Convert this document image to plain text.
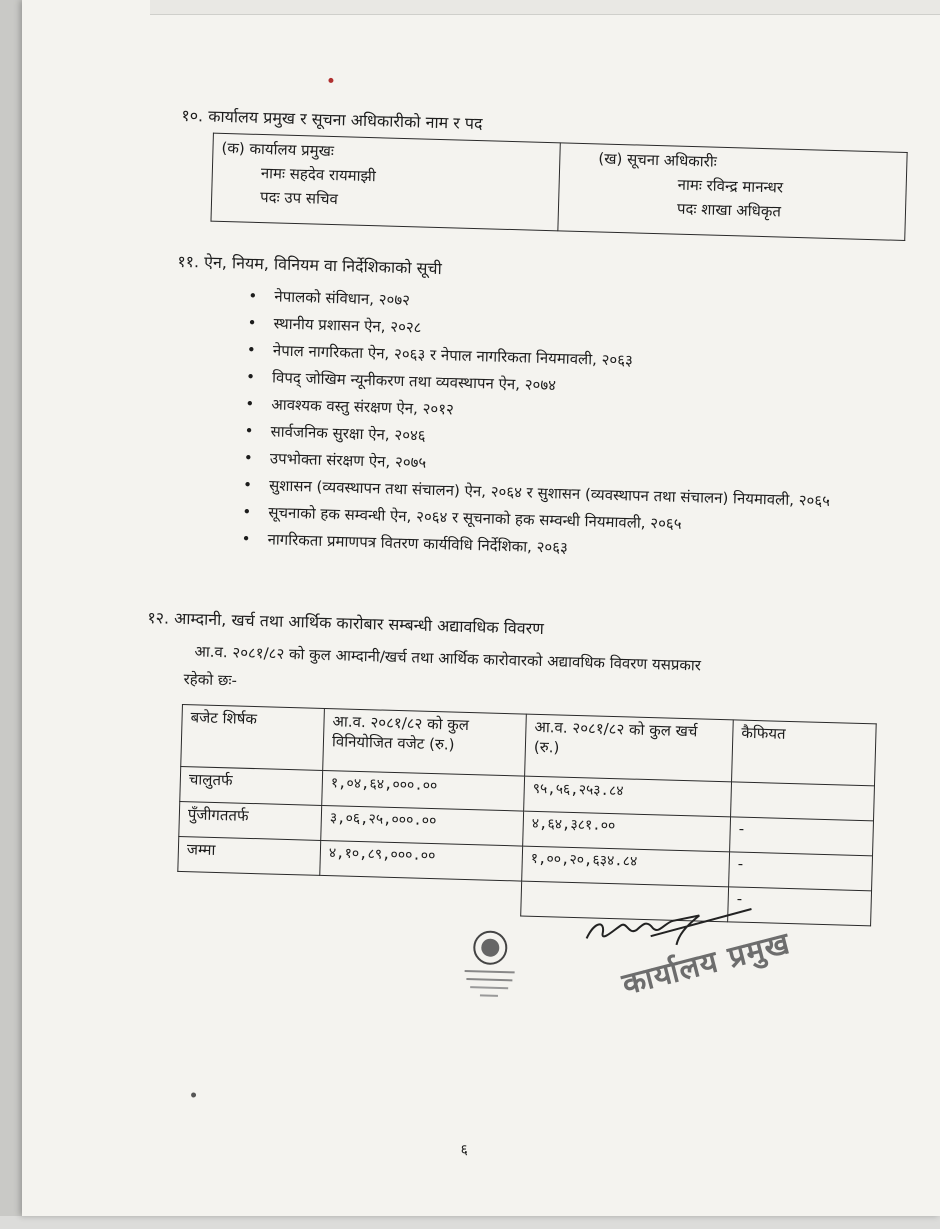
१०. कार्यालय प्रमुख र सूचना अधिकारीको नाम र पद
(क) कार्यालय प्रमुखः
नामः सहदेव रायमाझी
पदः उप सचिव

(ख) सूचना अधिकारीः
नामः रविन्द्र मानन्धर
पदः शाखा अधिकृत
११. ऐन, नियम, विनियम वा निर्देशिकाको सूची
• नेपालको संविधान, २०७२
• स्थानीय प्रशासन ऐन, २०२८
• नेपाल नागरिकता ऐन, २०६३ र नेपाल नागरिकता नियमावली, २०६३
• विपद् जोखिम न्यूनीकरण तथा व्यवस्थापन ऐन, २०७४
• आवश्यक वस्तु संरक्षण ऐन, २०१२
• सार्वजनिक सुरक्षा ऐन, २०४६
• उपभोक्ता संरक्षण ऐन, २०७५
• सुशासन (व्यवस्थापन तथा संचालन) ऐन, २०६४ र सुशासन (व्यवस्थापन तथा संचालन) नियमावली, २०६५
• सूचनाको हक सम्वन्धी ऐन, २०६४ र सूचनाको हक सम्वन्धी नियमावली, २०६५
• नागरिकता प्रमाणपत्र वितरण कार्यविधि निर्देशिका, २०६३
१२. आम्दानी, खर्च तथा आर्थिक कारोबार सम्बन्धी अद्यावधिक विवरण
आ.व. २०८१/८२ को कुल आम्दानी/खर्च तथा आर्थिक कारोवारको अद्यावधिक विवरण यसप्रकार
रहेको छः-
बजेट शिर्षक	आ.व. २०८१/८२ को कुल विनियोजित वजेट (रु.)	आ.व. २०८१/८२ को कुल खर्च (रु.)	कैफियत
चालुतर्फ	१,०४,६४,०००.००	९५,५६,२५३.८४	
पुँजीगततर्फ	३,०६,२५,०००.००	४,६४,३८१.००	-
जम्मा	४,१०,८९,०००.००	१,००,२०,६३४.८४	-
			-
कार्यालय प्रमुख
६
